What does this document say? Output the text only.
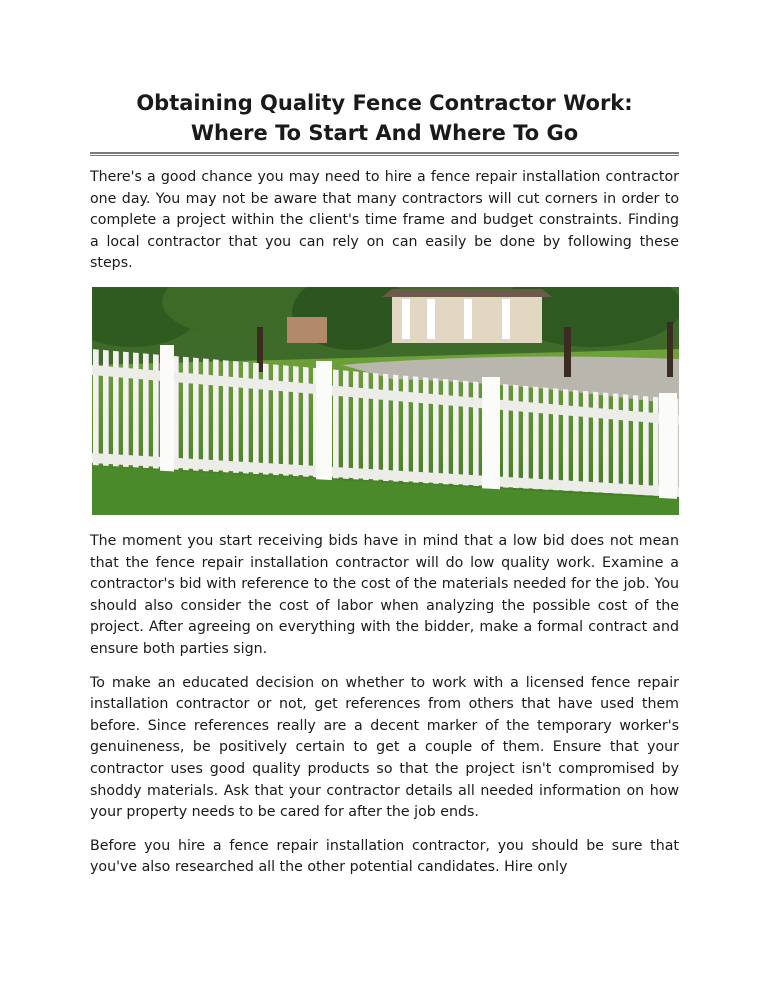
Obtaining Quality Fence Contractor Work:
Where To Start And Where To Go

There's a good chance you may need to hire a fence repair installation contractor one day. You may not be aware that many contractors will cut corners in order to complete a project within the client's time frame and budget constraints. Finding a local contractor that you can rely on can easily be done by following these steps.

The moment you start receiving bids have in mind that a low bid does not mean that the fence repair installation contractor will do low quality work. Examine a contractor's bid with reference to the cost of the materials needed for the job. You should also consider the cost of labor when analyzing the possible cost of the project. After agreeing on everything with the bidder, make a formal contract and ensure both parties sign.

To make an educated decision on whether to work with a licensed fence repair installation contractor or not, get references from others that have used them before. Since references really are a decent marker of the temporary worker's genuineness, be positively certain to get a couple of them. Ensure that your contractor uses good quality products so that the project isn't compromised by shoddy materials. Ask that your contractor details all needed information on how your property needs to be cared for after the job ends.

Before you hire a fence repair installation contractor, you should be sure that you've also researched all the other potential candidates. Hire only
